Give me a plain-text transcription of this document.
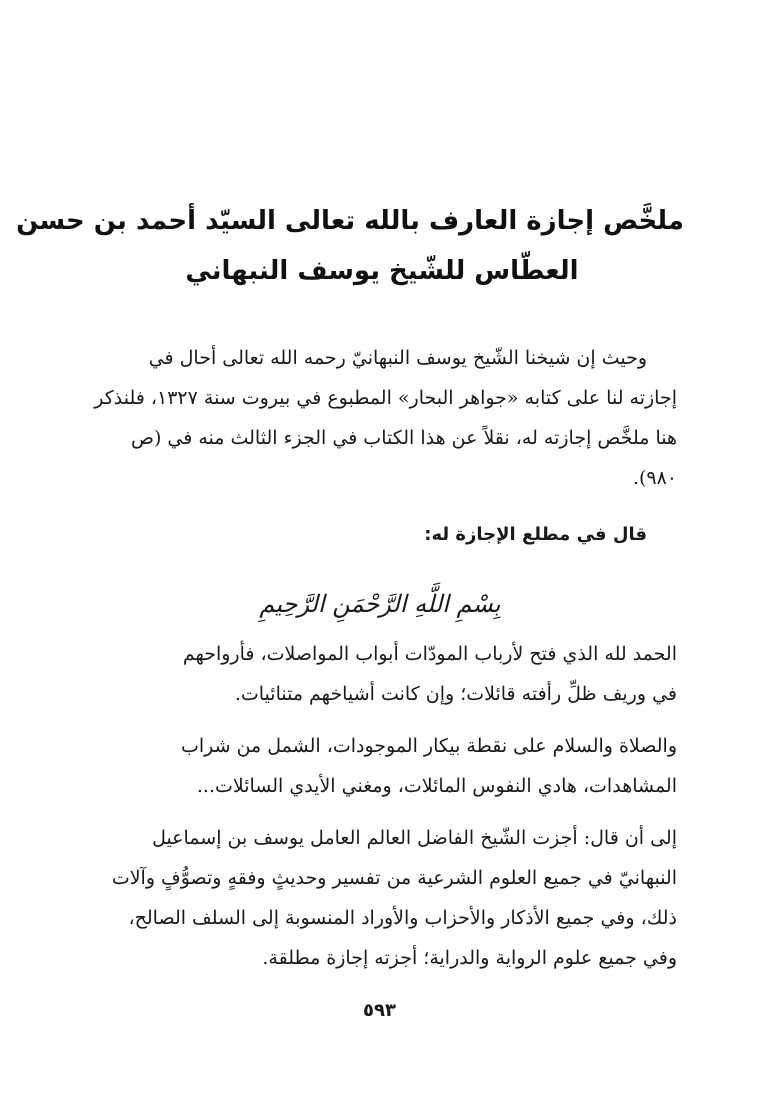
ملخَّص إجازة العارف بالله تعالى السيّد أحمد بن حسن
العطّاس للشّيخ يوسف النبهاني
وحيث إن شيخنا الشّيخ يوسف النبهانيّ رحمه الله تعالى أحال في
إجازته لنا على كتابه «جواهر البحار» المطبوع في بيروت سنة ١٣٢٧، فلنذكر
هنا ملخَّص إجازته له، نقلاً عن هذا الكتاب في الجزء الثالث منه في (ص
٩٨٠).
قال في مطلع الإجازة له:
بِسْمِ اللَّهِ الرَّحْمَنِ الرَّحِيمِ
الحمد لله الذي فتح لأرباب المودّات أبواب المواصلات، فأرواحهم
في وريف ظلِّ رأفته قائلات؛ وإن كانت أشياخهم متنائيات.
والصلاة والسلام على نقطة بيكار الموجودات، الشمل من شراب
المشاهدات، هادي النفوس المائلات، ومغني الأيدي السائلات...
إلى أن قال: أجزت الشّيخ الفاضل العالم العامل يوسف بن إسماعيل
النبهانيّ في جميع العلوم الشرعية من تفسير وحديثٍ وفقهٍ وتصوُّفٍ وآلات
ذلك، وفي جميع الأذكار والأحزاب والأوراد المنسوبة إلى السلف الصالح،
وفي جميع علوم الرواية والدراية؛ أجزته إجازة مطلقة.
٥٩٣
